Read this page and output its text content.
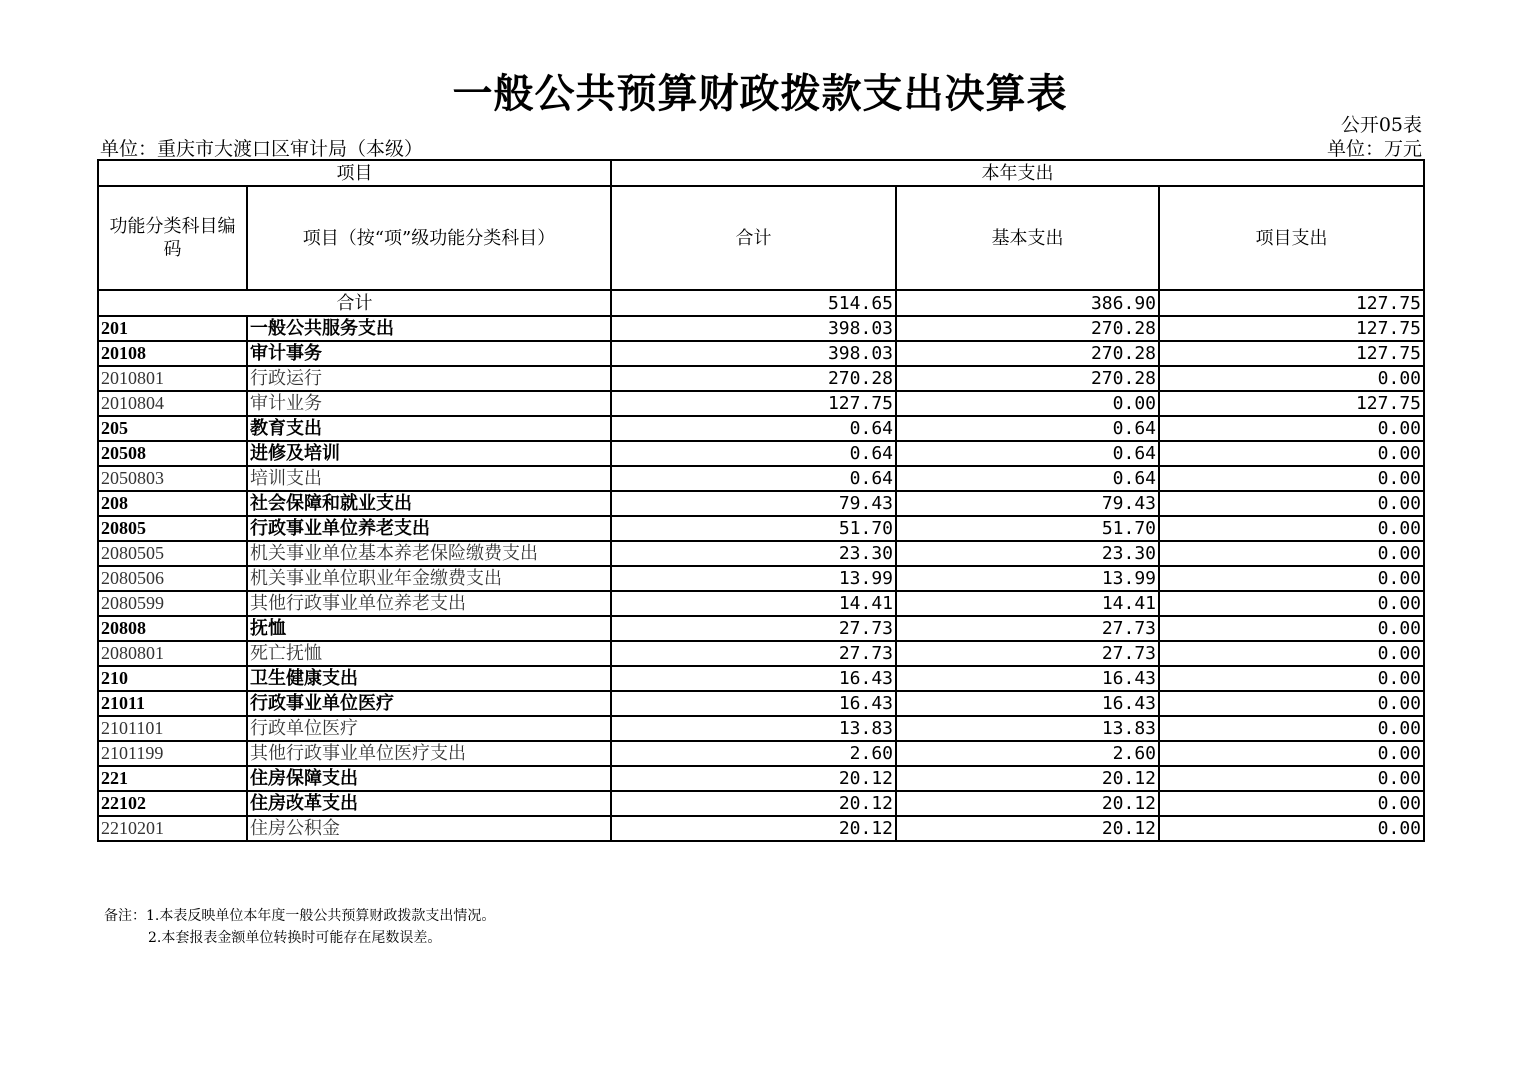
一般公共预算财政拨款支出决算表
公开05表
单位：重庆市大渡口区审计局（本级）	单位：万元
项目		本年支出		
功能分类科目编码	项目（按“项”级功能分类科目）	合计	基本支出	项目支出
合计		514.65	386.90	127.75
201	一般公共服务支出	398.03	270.28	127.75
20108	审计事务	398.03	270.28	127.75
2010801	行政运行	270.28	270.28	0.00
2010804	审计业务	127.75	0.00	127.75
205	教育支出	0.64	0.64	0.00
20508	进修及培训	0.64	0.64	0.00
2050803	培训支出	0.64	0.64	0.00
208	社会保障和就业支出	79.43	79.43	0.00
20805	行政事业单位养老支出	51.70	51.70	0.00
2080505	机关事业单位基本养老保险缴费支出	23.30	23.30	0.00
2080506	机关事业单位职业年金缴费支出	13.99	13.99	0.00
2080599	其他行政事业单位养老支出	14.41	14.41	0.00
20808	抚恤	27.73	27.73	0.00
2080801	死亡抚恤	27.73	27.73	0.00
210	卫生健康支出	16.43	16.43	0.00
21011	行政事业单位医疗	16.43	16.43	0.00
2101101	行政单位医疗	13.83	13.83	0.00
2101199	其他行政事业单位医疗支出	2.60	2.60	0.00
221	住房保障支出	20.12	20.12	0.00
22102	住房改革支出	20.12	20.12	0.00
2210201	住房公积金	20.12	20.12	0.00
备注：1.本表反映单位本年度一般公共预算财政拨款支出情况。
2.本套报表金额单位转换时可能存在尾数误差。
